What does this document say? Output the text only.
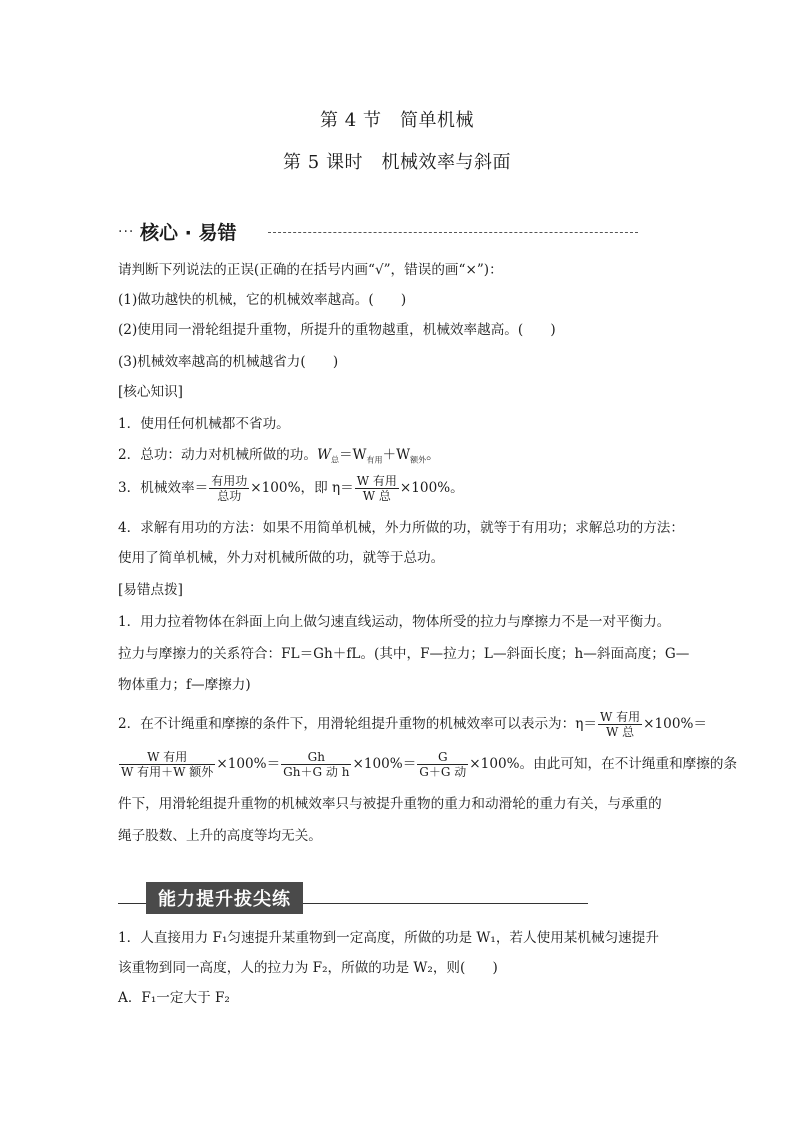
第 4 节　简单机械
第 5 课时　机械效率与斜面
··· 核心 · 易错
请判断下列说法的正误(正确的在括号内画“√”，错误的画“×”)：
(1)做功越快的机械，它的机械效率越高。(　　)
(2)使用同一滑轮组提升重物，所提升的重物越重，机械效率越高。(　　)
(3)机械效率越高的机械越省力(　　)
[核心知识]
1．使用任何机械都不省功。
2．总功：动力对机械所做的功。$W_总=W_{有用}+W_{额外}$。
3．机械效率＝ $\frac{\text{有用功}}{\text{总功}} \times 100\%$，即 $\eta= \frac{\text{W 有用}}{\text{W 总}} \times 100\%$。
4．求解有用功的方法：如果不用简单机械，外力所做的功，就等于有用功；求解总功的方法：
使用了简单机械，外力对机械所做的功，就等于总功。
[易错点拨]
1．用力拉着物体在斜面上向上做匀速直线运动，物体所受的拉力与摩擦力不是一对平衡力。
拉力与摩擦力的关系符合：FL＝Gh＋fL。(其中，F—拉力；L—斜面长度；h—斜面高度；G—
物体重力；f—摩擦力)
2．在不计绳重和摩擦的条件下，用滑轮组提升重物的机械效率可以表示为：$\eta= \frac{\text{W 有用}}{\text{W 总}} \times 100\%=$
$\frac{\text{W 有用}}{\text{W 有用＋W 额外}} \times 100\%= \frac{Gh}{\text{Gh＋G 动 h}} \times 100\%= \frac{G}{\text{G＋G 动}} \times 100\%$。由此可知，在不计绳重和摩擦的条
件下，用滑轮组提升重物的机械效率只与被提升重物的重力和动滑轮的重力有关，与承重的
绳子股数、上升的高度等均无关。
能力提升拔尖练
1．人直接用力 F₁匀速提升某重物到一定高度，所做的功是 W₁，若人使用某机械匀速提升
该重物到同一高度，人的拉力为 F₂，所做的功是 W₂，则(　　)
A．F₁一定大于 F₂
